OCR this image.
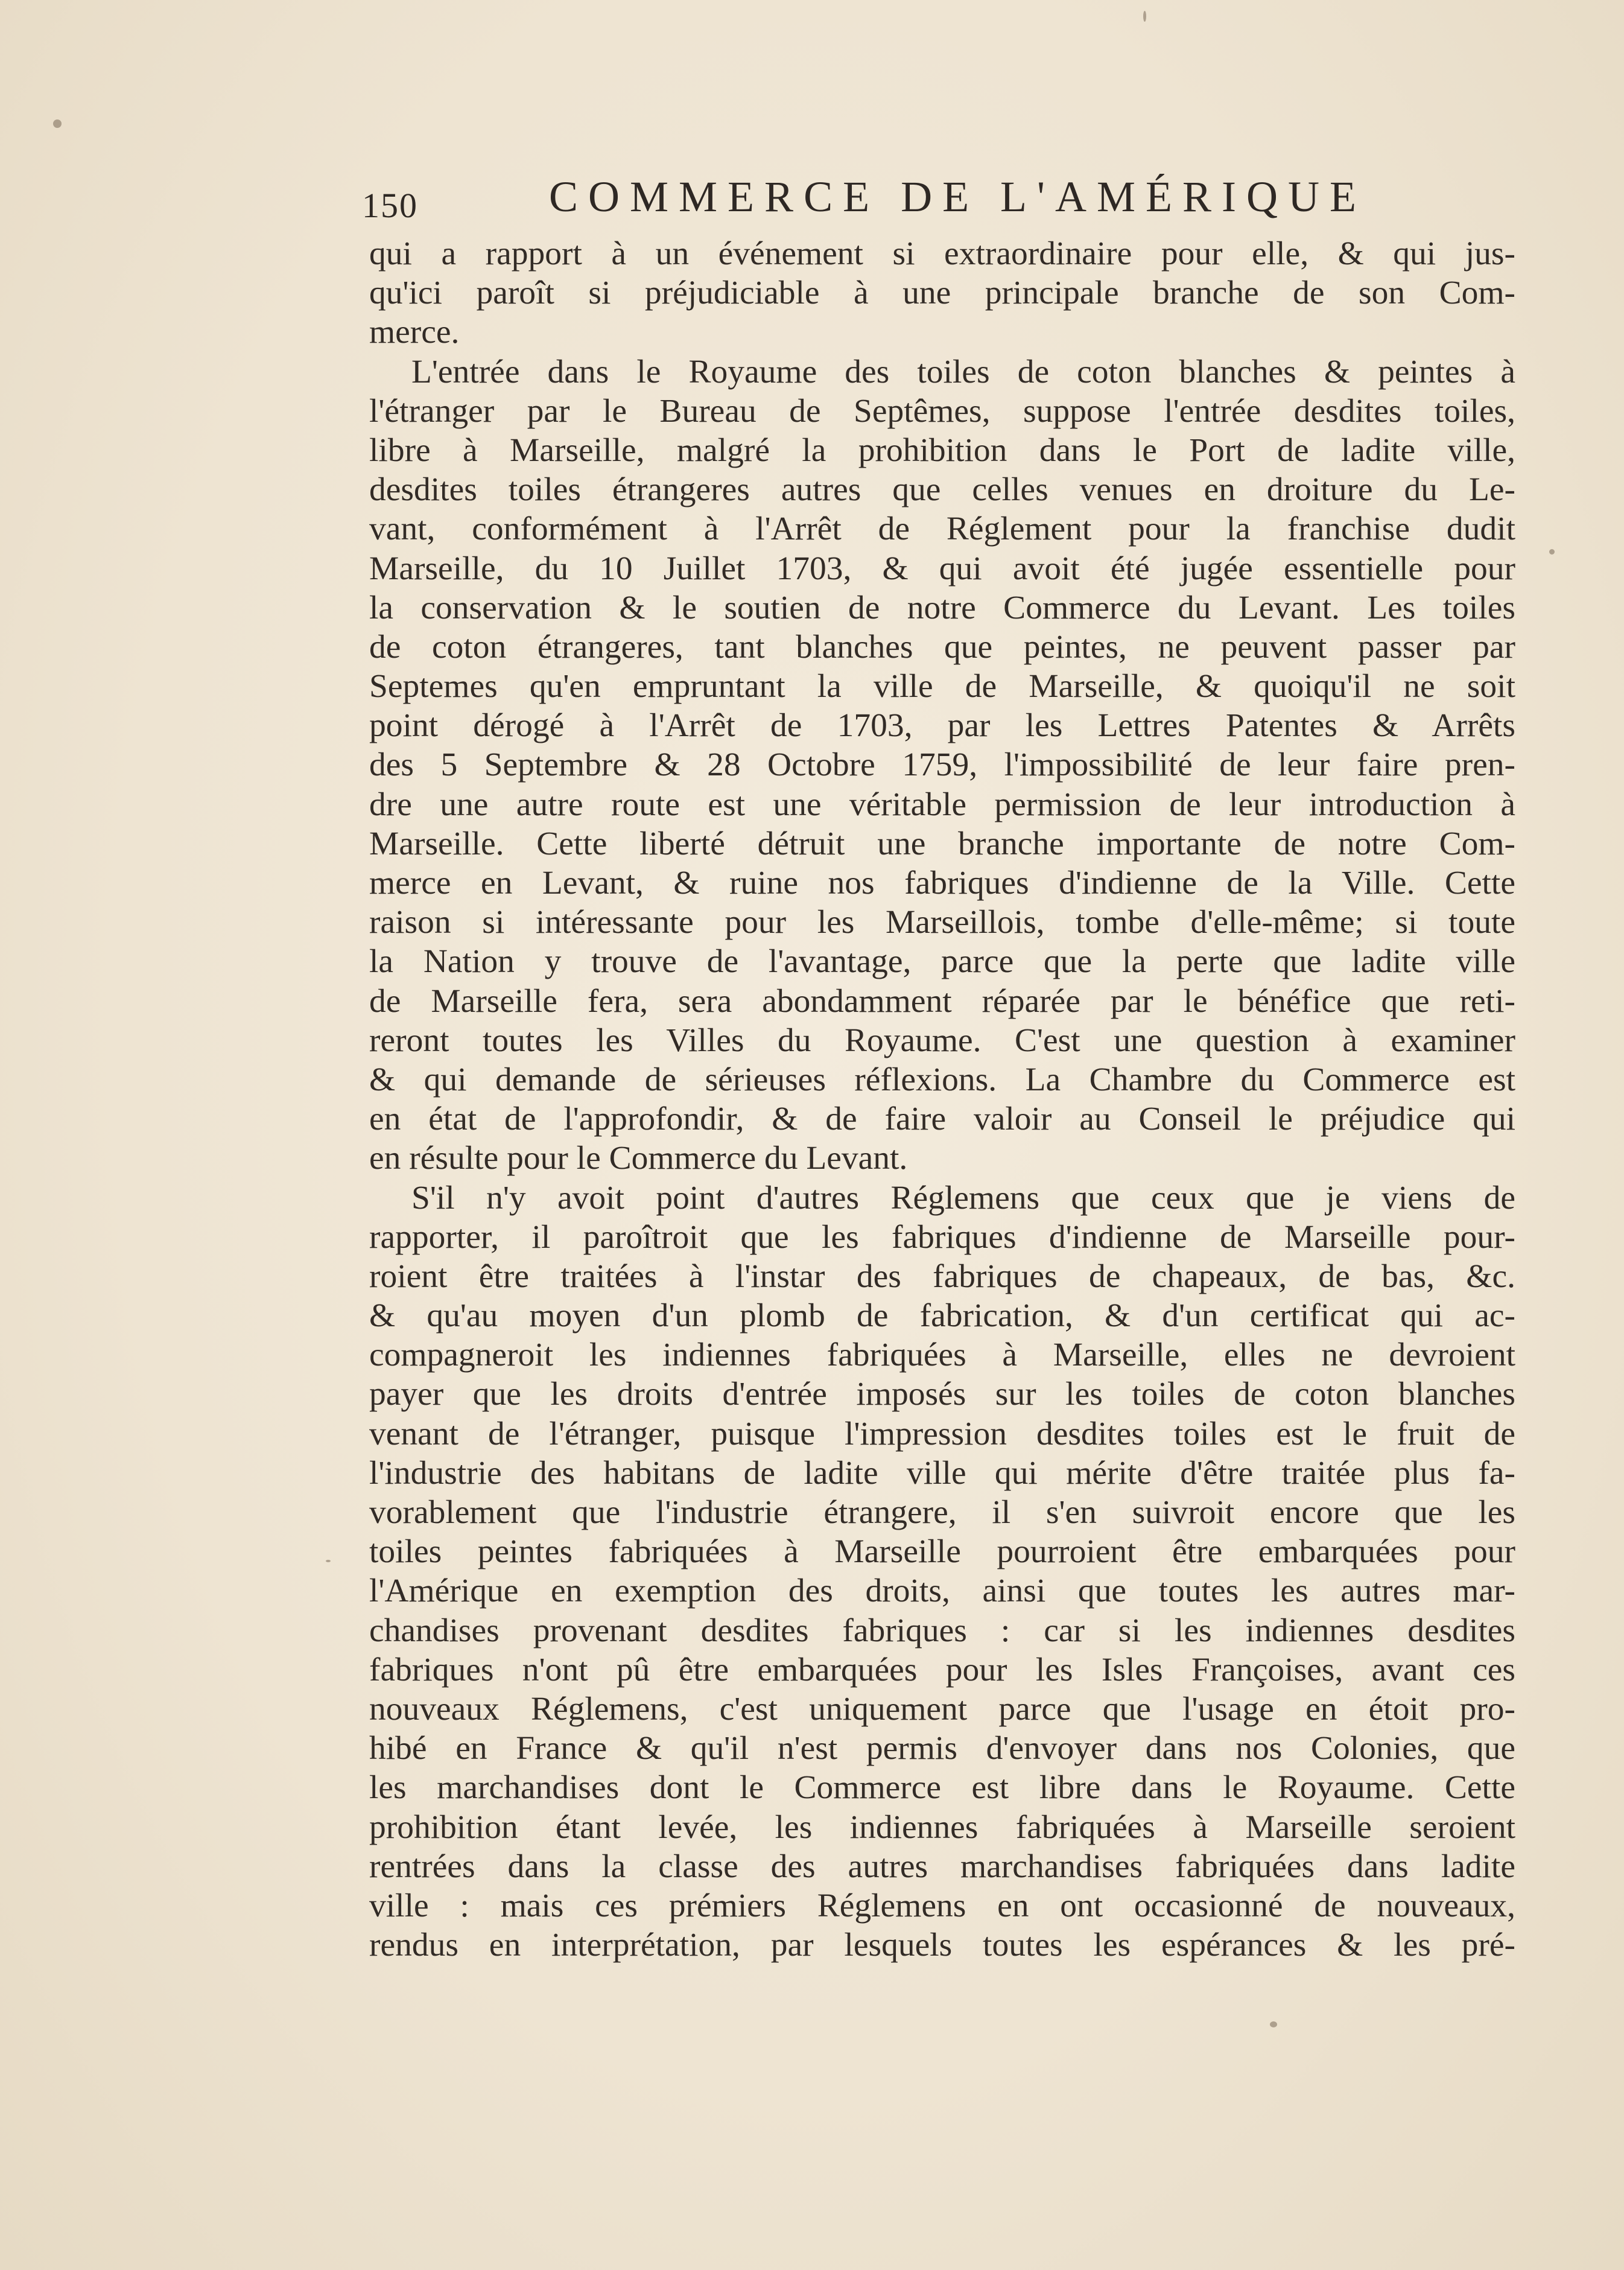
150	COMMERCE DE L'AMÉRIQUE
qui a rapport à un événement si extraordinaire pour elle, & qui jus-
qu'ici paroît si préjudiciable à une principale branche de son Com-
merce.
L'entrée dans le Royaume des toiles de coton blanches & peintes à
l'étranger par le Bureau de Septêmes, suppose l'entrée desdites toiles,
libre à Marseille, malgré la prohibition dans le Port de ladite ville,
desdites toiles étrangeres autres que celles venues en droiture du Le-
vant, conformément à l'Arrêt de Réglement pour la franchise dudit
Marseille, du 10 Juillet 1703, & qui avoit été jugée essentielle pour
la conservation & le soutien de notre Commerce du Levant. Les toiles
de coton étrangeres, tant blanches que peintes, ne peuvent passer par
Septemes qu'en empruntant la ville de Marseille, & quoiqu'il ne soit
point dérogé à l'Arrêt de 1703, par les Lettres Patentes & Arrêts
des 5 Septembre & 28 Octobre 1759, l'impossibilité de leur faire pren-
dre une autre route est une véritable permission de leur introduction à
Marseille. Cette liberté détruit une branche importante de notre Com-
merce en Levant, & ruine nos fabriques d'indienne de la Ville. Cette
raison si intéressante pour les Marseillois, tombe d'elle-même; si toute
la Nation y trouve de l'avantage, parce que la perte que ladite ville
de Marseille fera, sera abondamment réparée par le bénéfice que reti-
reront toutes les Villes du Royaume. C'est une question à examiner
& qui demande de sérieuses réflexions. La Chambre du Commerce est
en état de l'approfondir, & de faire valoir au Conseil le préjudice qui
en résulte pour le Commerce du Levant.
S'il n'y avoit point d'autres Réglemens que ceux que je viens de
rapporter, il paroîtroit que les fabriques d'indienne de Marseille pour-
roient être traitées à l'instar des fabriques de chapeaux, de bas, &c.
& qu'au moyen d'un plomb de fabrication, & d'un certificat qui ac-
compagneroit les indiennes fabriquées à Marseille, elles ne devroient
payer que les droits d'entrée imposés sur les toiles de coton blanches
venant de l'étranger, puisque l'impression desdites toiles est le fruit de
l'industrie des habitans de ladite ville qui mérite d'être traitée plus fa-
vorablement que l'industrie étrangere, il s'en suivroit encore que les
toiles peintes fabriquées à Marseille pourroient être embarquées pour
l'Amérique en exemption des droits, ainsi que toutes les autres mar-
chandises provenant desdites fabriques : car si les indiennes desdites
fabriques n'ont pû être embarquées pour les Isles Françoises, avant ces
nouveaux Réglemens, c'est uniquement parce que l'usage en étoit pro-
hibé en France & qu'il n'est permis d'envoyer dans nos Colonies, que
les marchandises dont le Commerce est libre dans le Royaume. Cette
prohibition étant levée, les indiennes fabriquées à Marseille seroient
rentrées dans la classe des autres marchandises fabriquées dans ladite
ville : mais ces prémiers Réglemens en ont occasionné de nouveaux,
rendus en interprétation, par lesquels toutes les espérances & les pré-
